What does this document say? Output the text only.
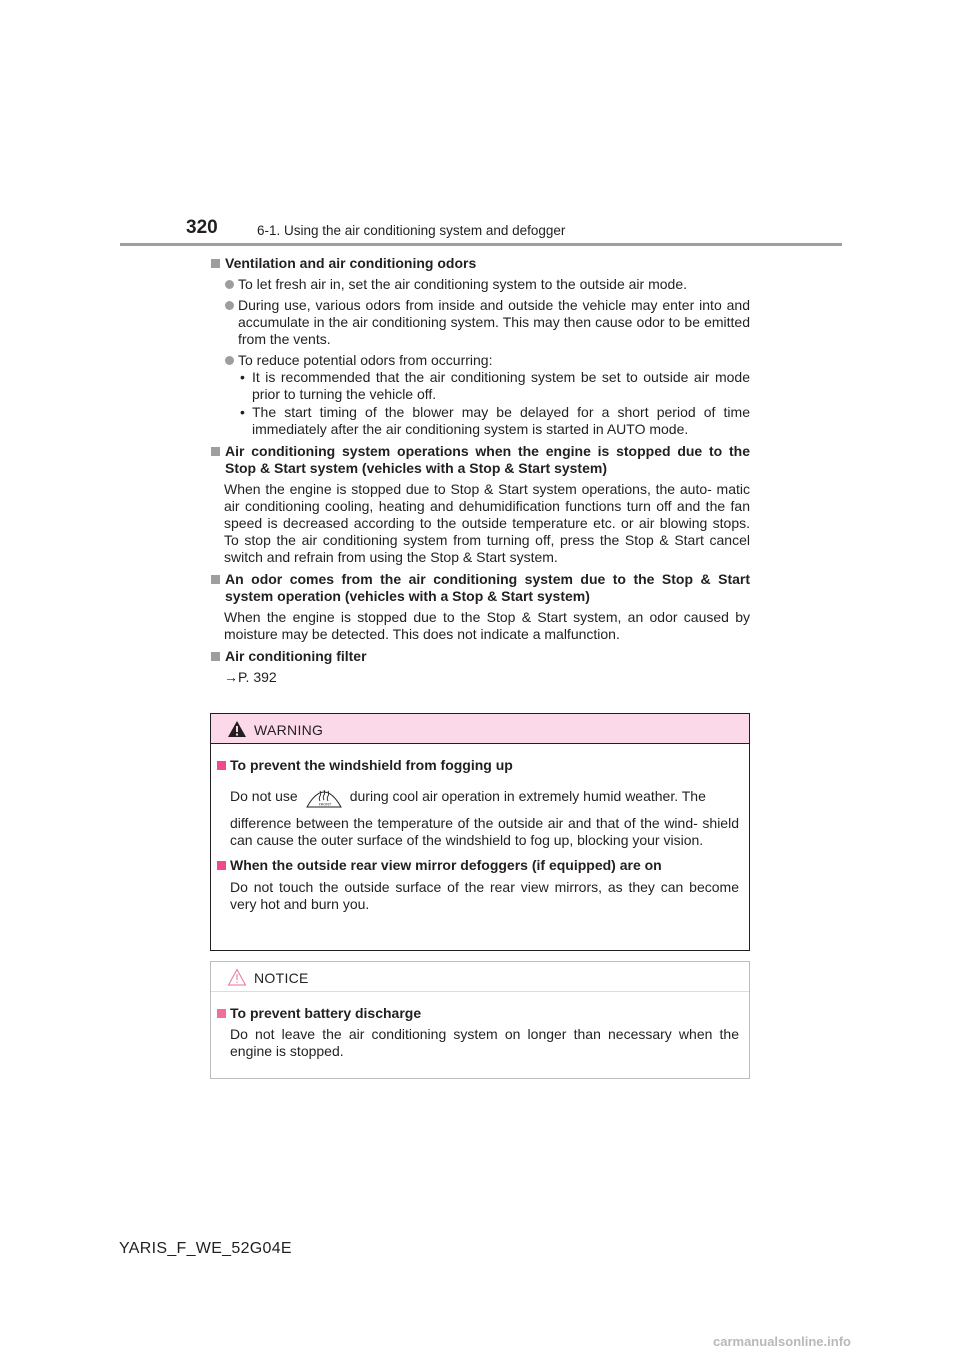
320	6-1. Using the air conditioning system and defogger
Ventilation and air conditioning odors
To let fresh air in, set the air conditioning system to the outside air mode.
During use, various odors from inside and outside the vehicle may enter into and accumulate in the air conditioning system. This may then cause odor to be emitted from the vents.
To reduce potential odors from occurring:
• It is recommended that the air conditioning system be set to outside air mode prior to turning the vehicle off.
• The start timing of the blower may be delayed for a short period of time immediately after the air conditioning system is started in AUTO mode.
Air conditioning system operations when the engine is stopped due to the Stop & Start system (vehicles with a Stop & Start system)
When the engine is stopped due to Stop & Start system operations, the auto- matic air conditioning cooling, heating and dehumidification functions turn off and the fan speed is decreased according to the outside temperature etc. or air blowing stops. To stop the air conditioning system from turning off, press the Stop & Start cancel switch and refrain from using the Stop & Start system.
An odor comes from the air conditioning system due to the Stop & Start system operation (vehicles with a Stop & Start system)
When the engine is stopped due to the Stop & Start system, an odor caused by moisture may be detected. This does not indicate a malfunction.
Air conditioning filter
→P. 392
WARNING
To prevent the windshield from fogging up
Do not use
FRONT
during cool air operation in extremely humid weather. The
difference between the temperature of the outside air and that of the wind- shield can cause the outer surface of the windshield to fog up, blocking your vision.
When the outside rear view mirror defoggers (if equipped) are on
Do not touch the outside surface of the rear view mirrors, as they can become very hot and burn you.
NOTICE
To prevent battery discharge
Do not leave the air conditioning system on longer than necessary when the engine is stopped.
YARIS_F_WE_52G04E
carmanualsonline.info
